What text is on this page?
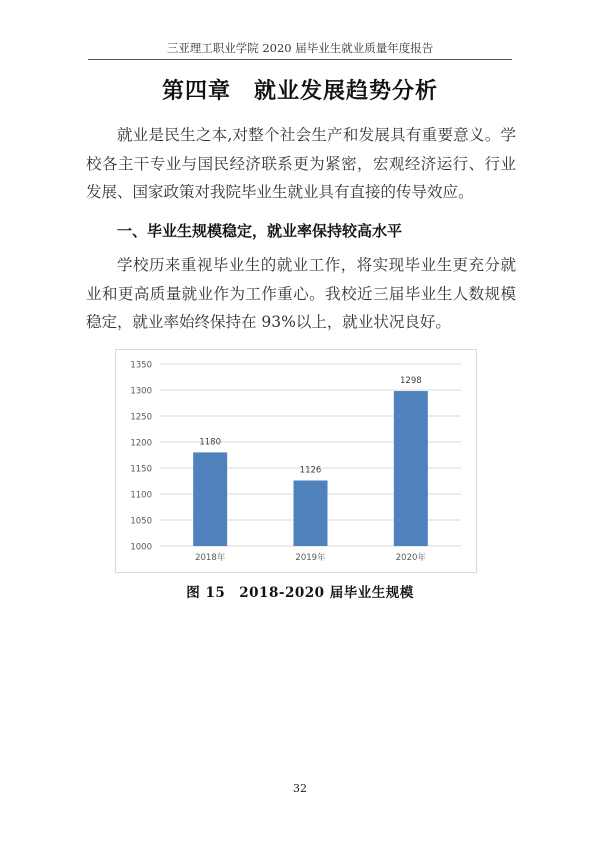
三亚理工职业学院 2020 届毕业生就业质量年度报告
第四章　就业发展趋势分析

就业是民生之本,对整个社会生产和发展具有重要意义。学校各主干专业与国民经济联系更为紧密，宏观经济运行、行业发展、国家政策对我院毕业生就业具有直接的传导效应。

一、毕业生规模稳定，就业率保持较高水平

学校历来重视毕业生的就业工作，将实现毕业生更充分就业和更高质量就业作为工作重心。我校近三届毕业生人数规模稳定，就业率始终保持在 93%以上，就业状况良好。

1000
1050
1100
1150
1200
1250
1300
1350
1180
2018年
1126
2019年
1298
2020年
图 15　2018-2020 届毕业生规模
32
